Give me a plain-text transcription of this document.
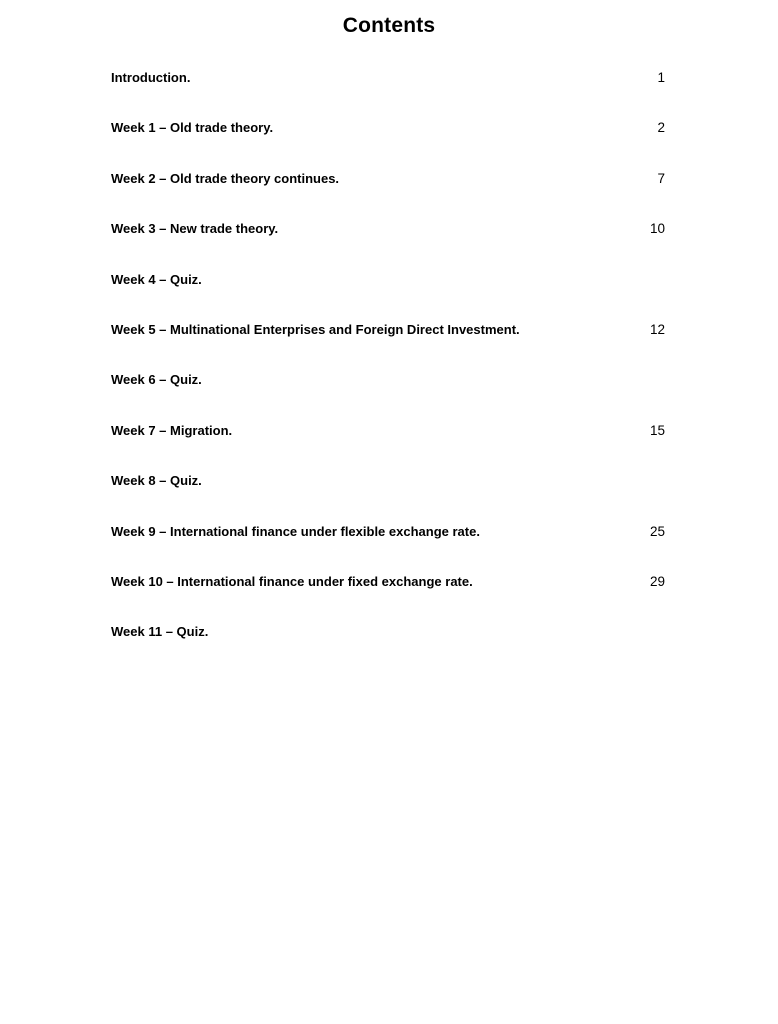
Contents
Introduction.	1
Week 1 – Old trade theory.	2
Week 2 – Old trade theory continues.	7
Week 3 – New trade theory.	10
Week 4 – Quiz.
Week 5 – Multinational Enterprises and Foreign Direct Investment.	12
Week 6 – Quiz.
Week 7 – Migration.	15
Week 8 – Quiz.
Week 9 – International finance under flexible exchange rate.	25
Week 10 – International finance under fixed exchange rate.	29
Week 11 – Quiz.
